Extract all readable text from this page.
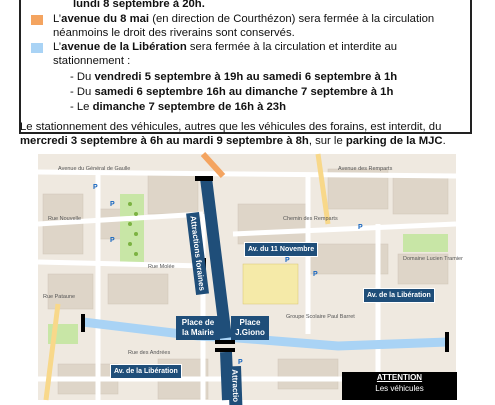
lundi 8 septembre à 20h.
L’avenue du 8 mai (en direction de Courthézon) sera fermée à la circulation
néanmoins le droit des riverains sont conservés.
L’avenue de la Libération sera fermée à la circulation et interdite au
stationnement :
- Du vendredi 5 septembre à 19h au samedi 6 septembre à 1h
- Du samedi 6 septembre 16h au dimanche 7 septembre à 1h
- Le dimanche 7 septembre de 16h à 23h
Le stationnement des véhicules, autres que les véhicules des forains, est interdit, du
mercredi 3 septembre à 6h au mardi 9 septembre à 8h, sur le parking de la MJC.
P
P
P
P
P
P
P
Avenue du Général de Gaulle	Avenue des Remparts
Rue Nouvelle
Rue Molée
Rue Pataune
Chemin des Remparts
Domaine Lucien Tramier
Groupe Scolaire Paul Barret
Rue des Andrées
Attractions foraines
Attractio
Av. du 11 Novembre
Av. de la Libération
Av. de la Libération
Place de la Mairie
Place J.Giono
ATTENTION
Les véhicules
